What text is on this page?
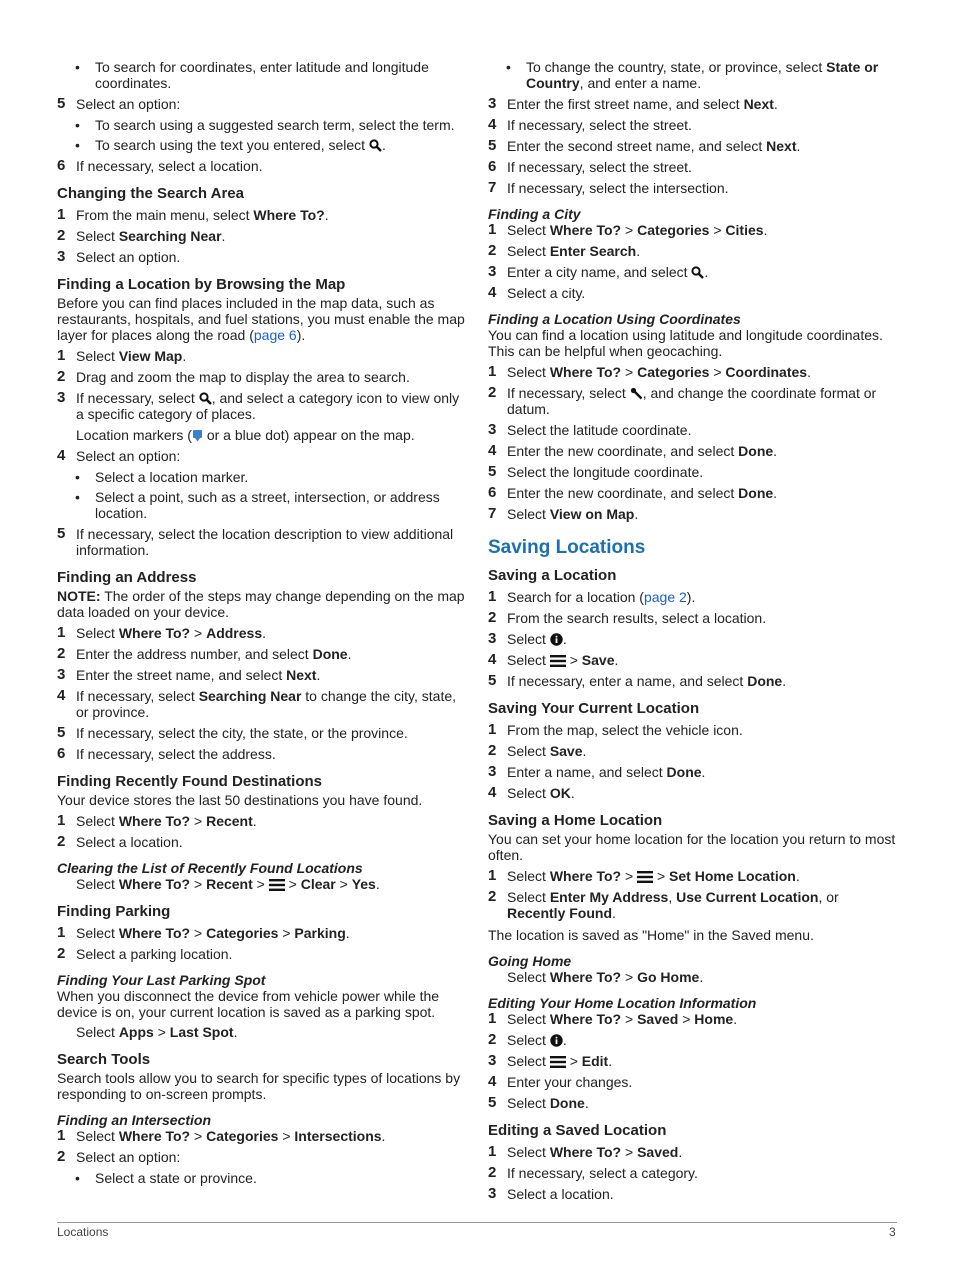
• To search for coordinates, enter latitude and longitude coordinates.
5 Select an option:
• To search using a suggested search term, select the term.
• To search using the text you entered, select .
6 If necessary, select a location.
Changing the Search Area
1 From the main menu, select Where To?.
2 Select Searching Near.
3 Select an option.
Finding a Location by Browsing the Map
Before you can find places included in the map data, such as restaurants, hospitals, and fuel stations, you must enable the map layer for places along the road (page 6).
1 Select View Map.
2 Drag and zoom the map to display the area to search.
3 If necessary, select , and select a category icon to view only a specific category of places.
Location markers ( or a blue dot) appear on the map.
4 Select an option:
• Select a location marker.
• Select a point, such as a street, intersection, or address location.
5 If necessary, select the location description to view additional information.
Finding an Address
NOTE: The order of the steps may change depending on the map data loaded on your device.
1 Select Where To? > Address.
2 Enter the address number, and select Done.
3 Enter the street name, and select Next.
4 If necessary, select Searching Near to change the city, state, or province.
5 If necessary, select the city, the state, or the province.
6 If necessary, select the address.
Finding Recently Found Destinations
Your device stores the last 50 destinations you have found.
1 Select Where To? > Recent.
2 Select a location.
Clearing the List of Recently Found Locations
Select Where To? > Recent >  > Clear > Yes.
Finding Parking
1 Select Where To? > Categories > Parking.
2 Select a parking location.
Finding Your Last Parking Spot
When you disconnect the device from vehicle power while the device is on, your current location is saved as a parking spot.
Select Apps > Last Spot.
Search Tools
Search tools allow you to search for specific types of locations by responding to on-screen prompts.
Finding an Intersection
1 Select Where To? > Categories > Intersections.
2 Select an option:
• Select a state or province.
• To change the country, state, or province, select State or Country, and enter a name.
3 Enter the first street name, and select Next.
4 If necessary, select the street.
5 Enter the second street name, and select Next.
6 If necessary, select the street.
7 If necessary, select the intersection.
Finding a City
1 Select Where To? > Categories > Cities.
2 Select Enter Search.
3 Enter a city name, and select .
4 Select a city.
Finding a Location Using Coordinates
You can find a location using latitude and longitude coordinates. This can be helpful when geocaching.
1 Select Where To? > Categories > Coordinates.
2 If necessary, select , and change the coordinate format or datum.
3 Select the latitude coordinate.
4 Enter the new coordinate, and select Done.
5 Select the longitude coordinate.
6 Enter the new coordinate, and select Done.
7 Select View on Map.
Saving Locations
Saving a Location
1 Search for a location (page 2).
2 From the search results, select a location.
3 Select .
4 Select  > Save.
5 If necessary, enter a name, and select Done.
Saving Your Current Location
1 From the map, select the vehicle icon.
2 Select Save.
3 Enter a name, and select Done.
4 Select OK.
Saving a Home Location
You can set your home location for the location you return to most often.
1 Select Where To? >  > Set Home Location.
2 Select Enter My Address, Use Current Location, or Recently Found.
The location is saved as "Home" in the Saved menu.
Going Home
Select Where To? > Go Home.
Editing Your Home Location Information
1 Select Where To? > Saved > Home.
2 Select .
3 Select  > Edit.
4 Enter your changes.
5 Select Done.
Editing a Saved Location
1 Select Where To? > Saved.
2 If necessary, select a category.
3 Select a location.
Locations	3
